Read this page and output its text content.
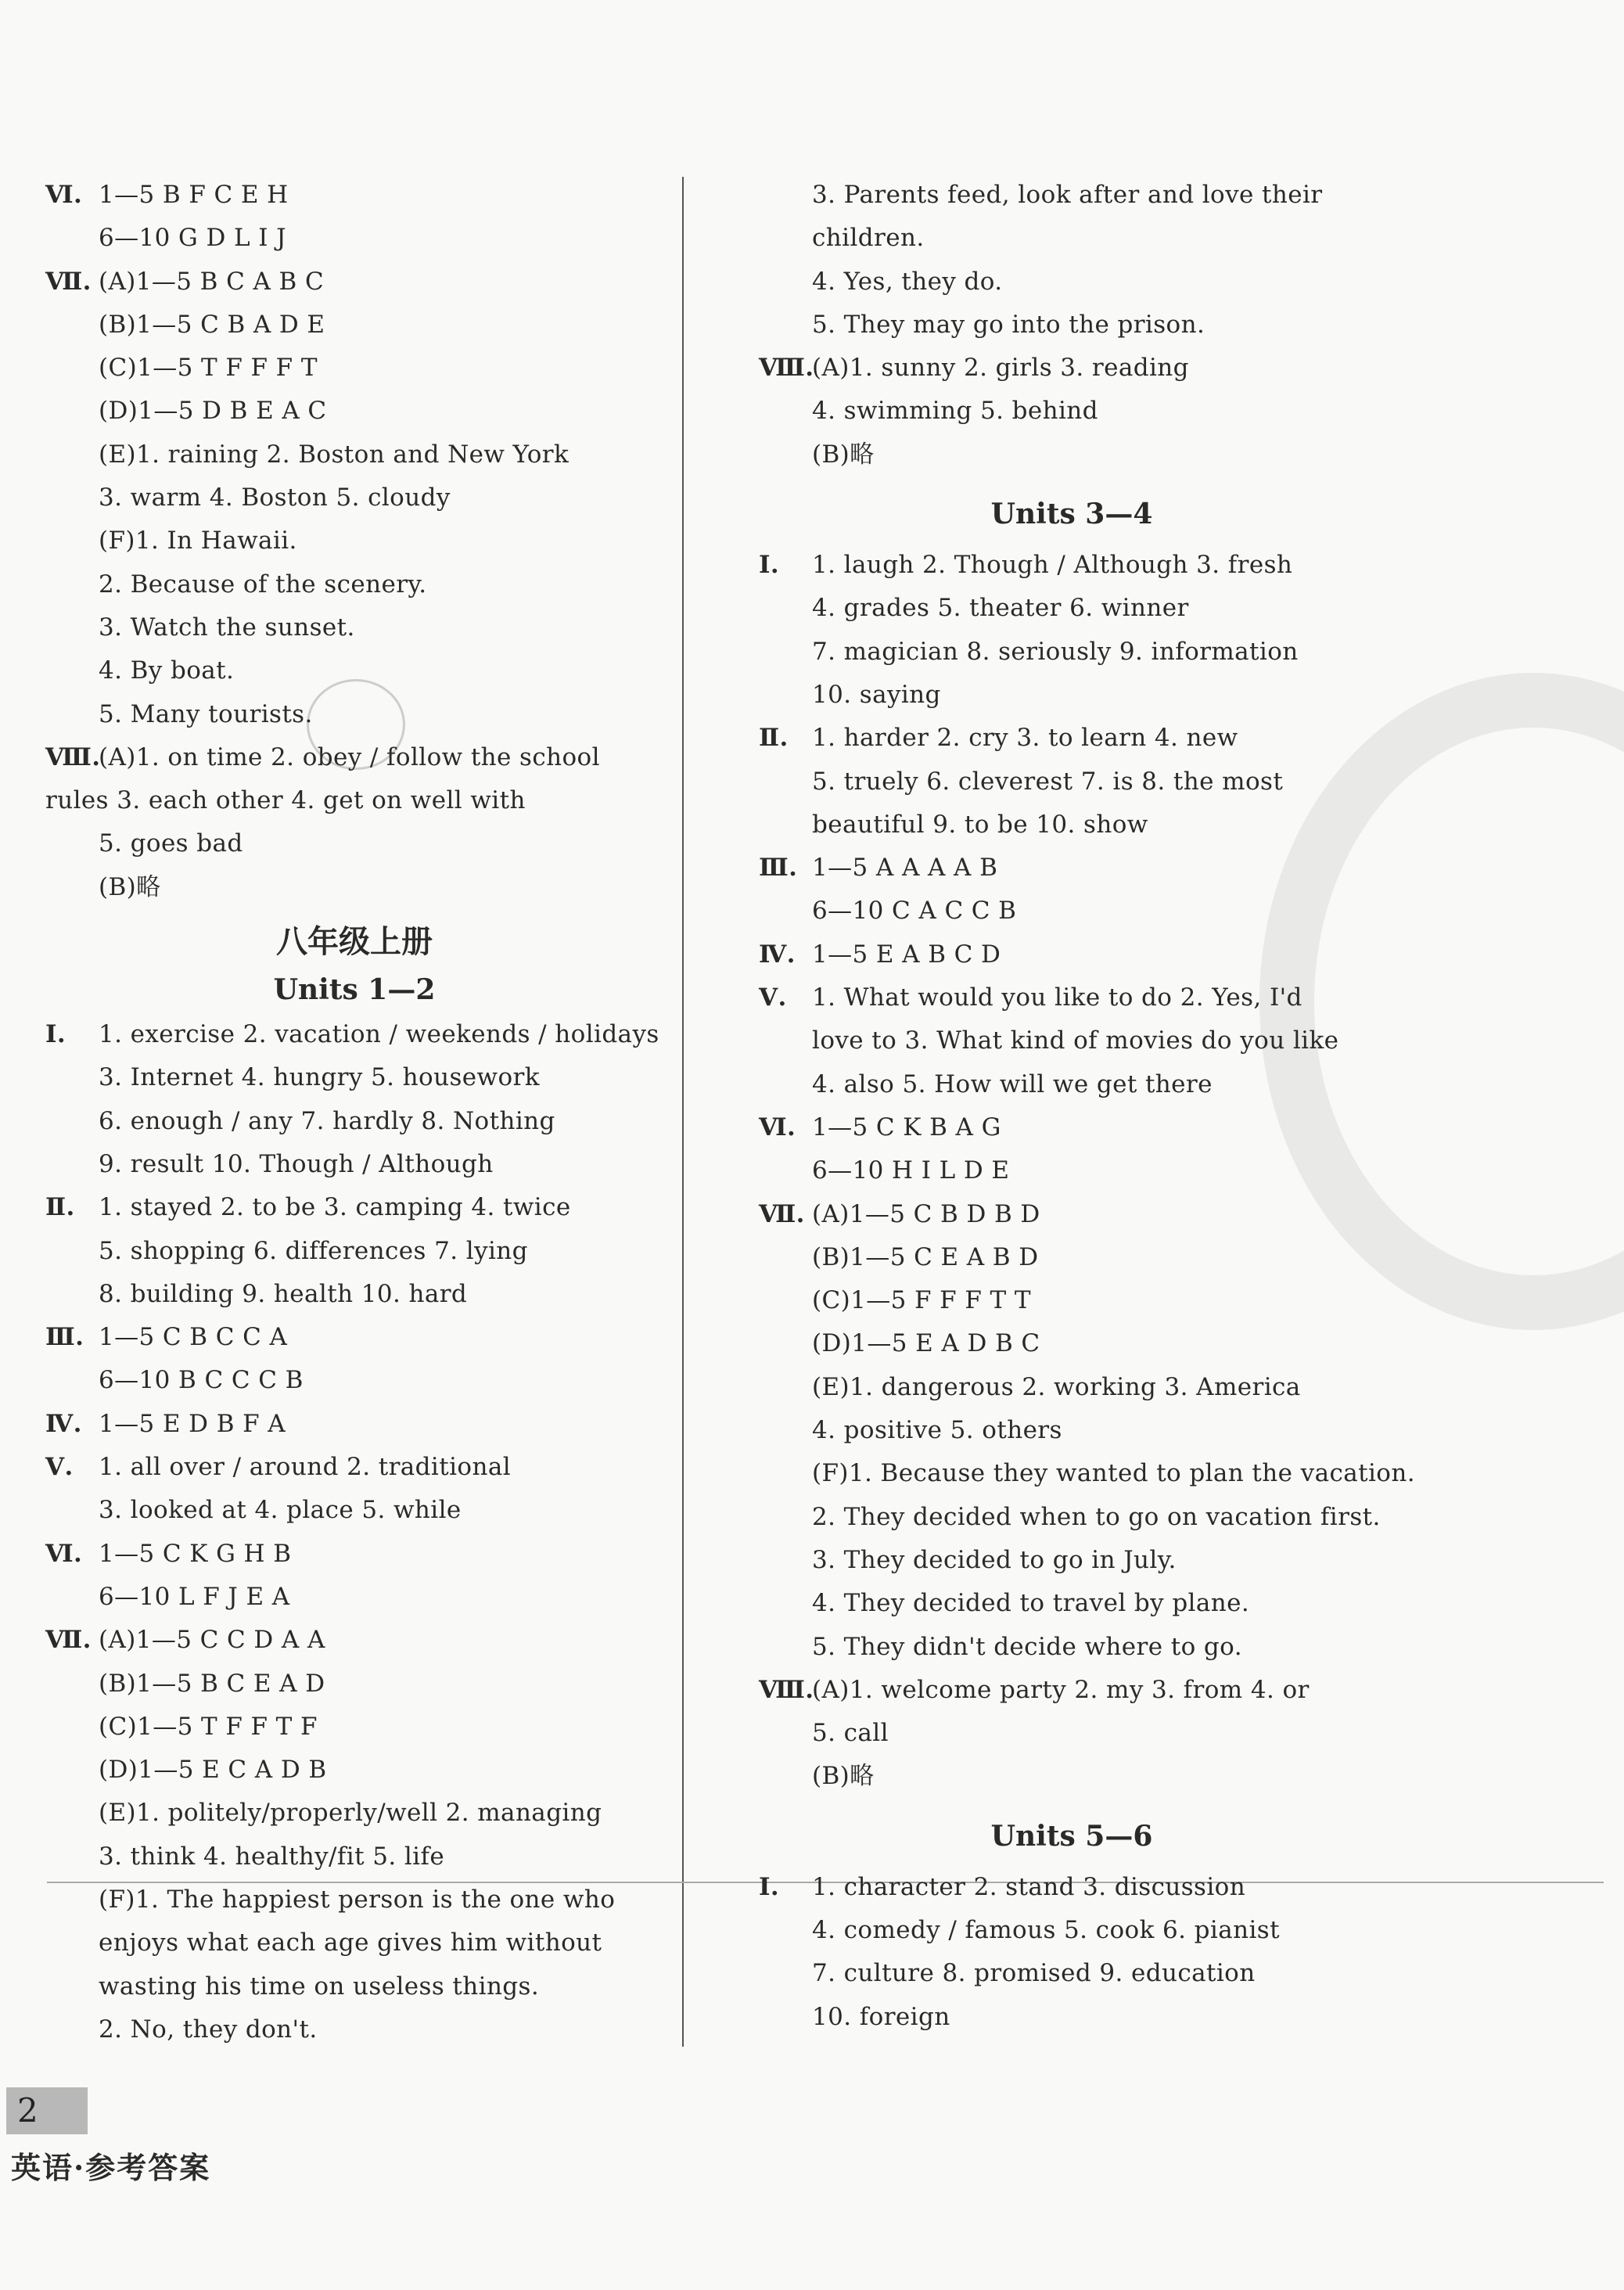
Ⅵ. 1—5 B F C E H
6—10 G D L I J
Ⅶ. (A)1—5 B C A B C
(B)1—5 C B A D E
(C)1—5 T F F F T
(D)1—5 D B E A C
(E)1. raining 2. Boston and New York
3. warm 4. Boston 5. cloudy
(F)1. In Hawaii.
2. Because of the scenery.
3. Watch the sunset.
4. By boat.
5. Many tourists.
Ⅷ.(A)1. on time 2. obey / follow the school
rules 3. each other 4. get on well with
5. goes bad
(B)略
八年级上册
Units 1—2
Ⅰ. 1. exercise 2. vacation / weekends / holidays
3. Internet 4. hungry 5. housework
6. enough / any 7. hardly 8. Nothing
9. result 10. Though / Although
Ⅱ. 1. stayed 2. to be 3. camping 4. twice
5. shopping 6. differences 7. lying
8. building 9. health 10. hard
Ⅲ. 1—5 C B C C A
6—10 B C C C B
Ⅳ. 1—5 E D B F A
Ⅴ. 1. all over / around 2. traditional
3. looked at 4. place 5. while
Ⅵ. 1—5 C K G H B
6—10 L F J E A
Ⅶ. (A)1—5 C C D A A
(B)1—5 B C E A D
(C)1—5 T F F T F
(D)1—5 E C A D B
(E)1. politely/properly/well 2. managing
3. think 4. healthy/fit 5. life
(F)1. The happiest person is the one who
enjoys what each age gives him without
wasting his time on useless things.
2. No, they don't.
3. Parents feed, look after and love their
children.
4. Yes, they do.
5. They may go into the prison.
Ⅷ.(A)1. sunny 2. girls 3. reading
4. swimming 5. behind
(B)略
Units 3—4
Ⅰ. 1. laugh 2. Though / Although 3. fresh
4. grades 5. theater 6. winner
7. magician 8. seriously 9. information
10. saying
Ⅱ. 1. harder 2. cry 3. to learn 4. new
5. truely 6. cleverest 7. is 8. the most
beautiful 9. to be 10. show
Ⅲ. 1—5 A A A A B
6—10 C A C C B
Ⅳ. 1—5 E A B C D
Ⅴ. 1. What would you like to do 2. Yes, I'd
love to 3. What kind of movies do you like
4. also 5. How will we get there
Ⅵ. 1—5 C K B A G
6—10 H I L D E
Ⅶ. (A)1—5 C B D B D
(B)1—5 C E A B D
(C)1—5 F F F T T
(D)1—5 E A D B C
(E)1. dangerous 2. working 3. America
4. positive 5. others
(F)1. Because they wanted to plan the vacation.
2. They decided when to go on vacation first.
3. They decided to go in July.
4. They decided to travel by plane.
5. They didn't decide where to go.
Ⅷ.(A)1. welcome party 2. my 3. from 4. or
5. call
(B)略
Units 5—6
Ⅰ. 1. character 2. stand 3. discussion
4. comedy / famous 5. cook 6. pianist
7. culture 8. promised 9. education
10. foreign
2
英语·参考答案
